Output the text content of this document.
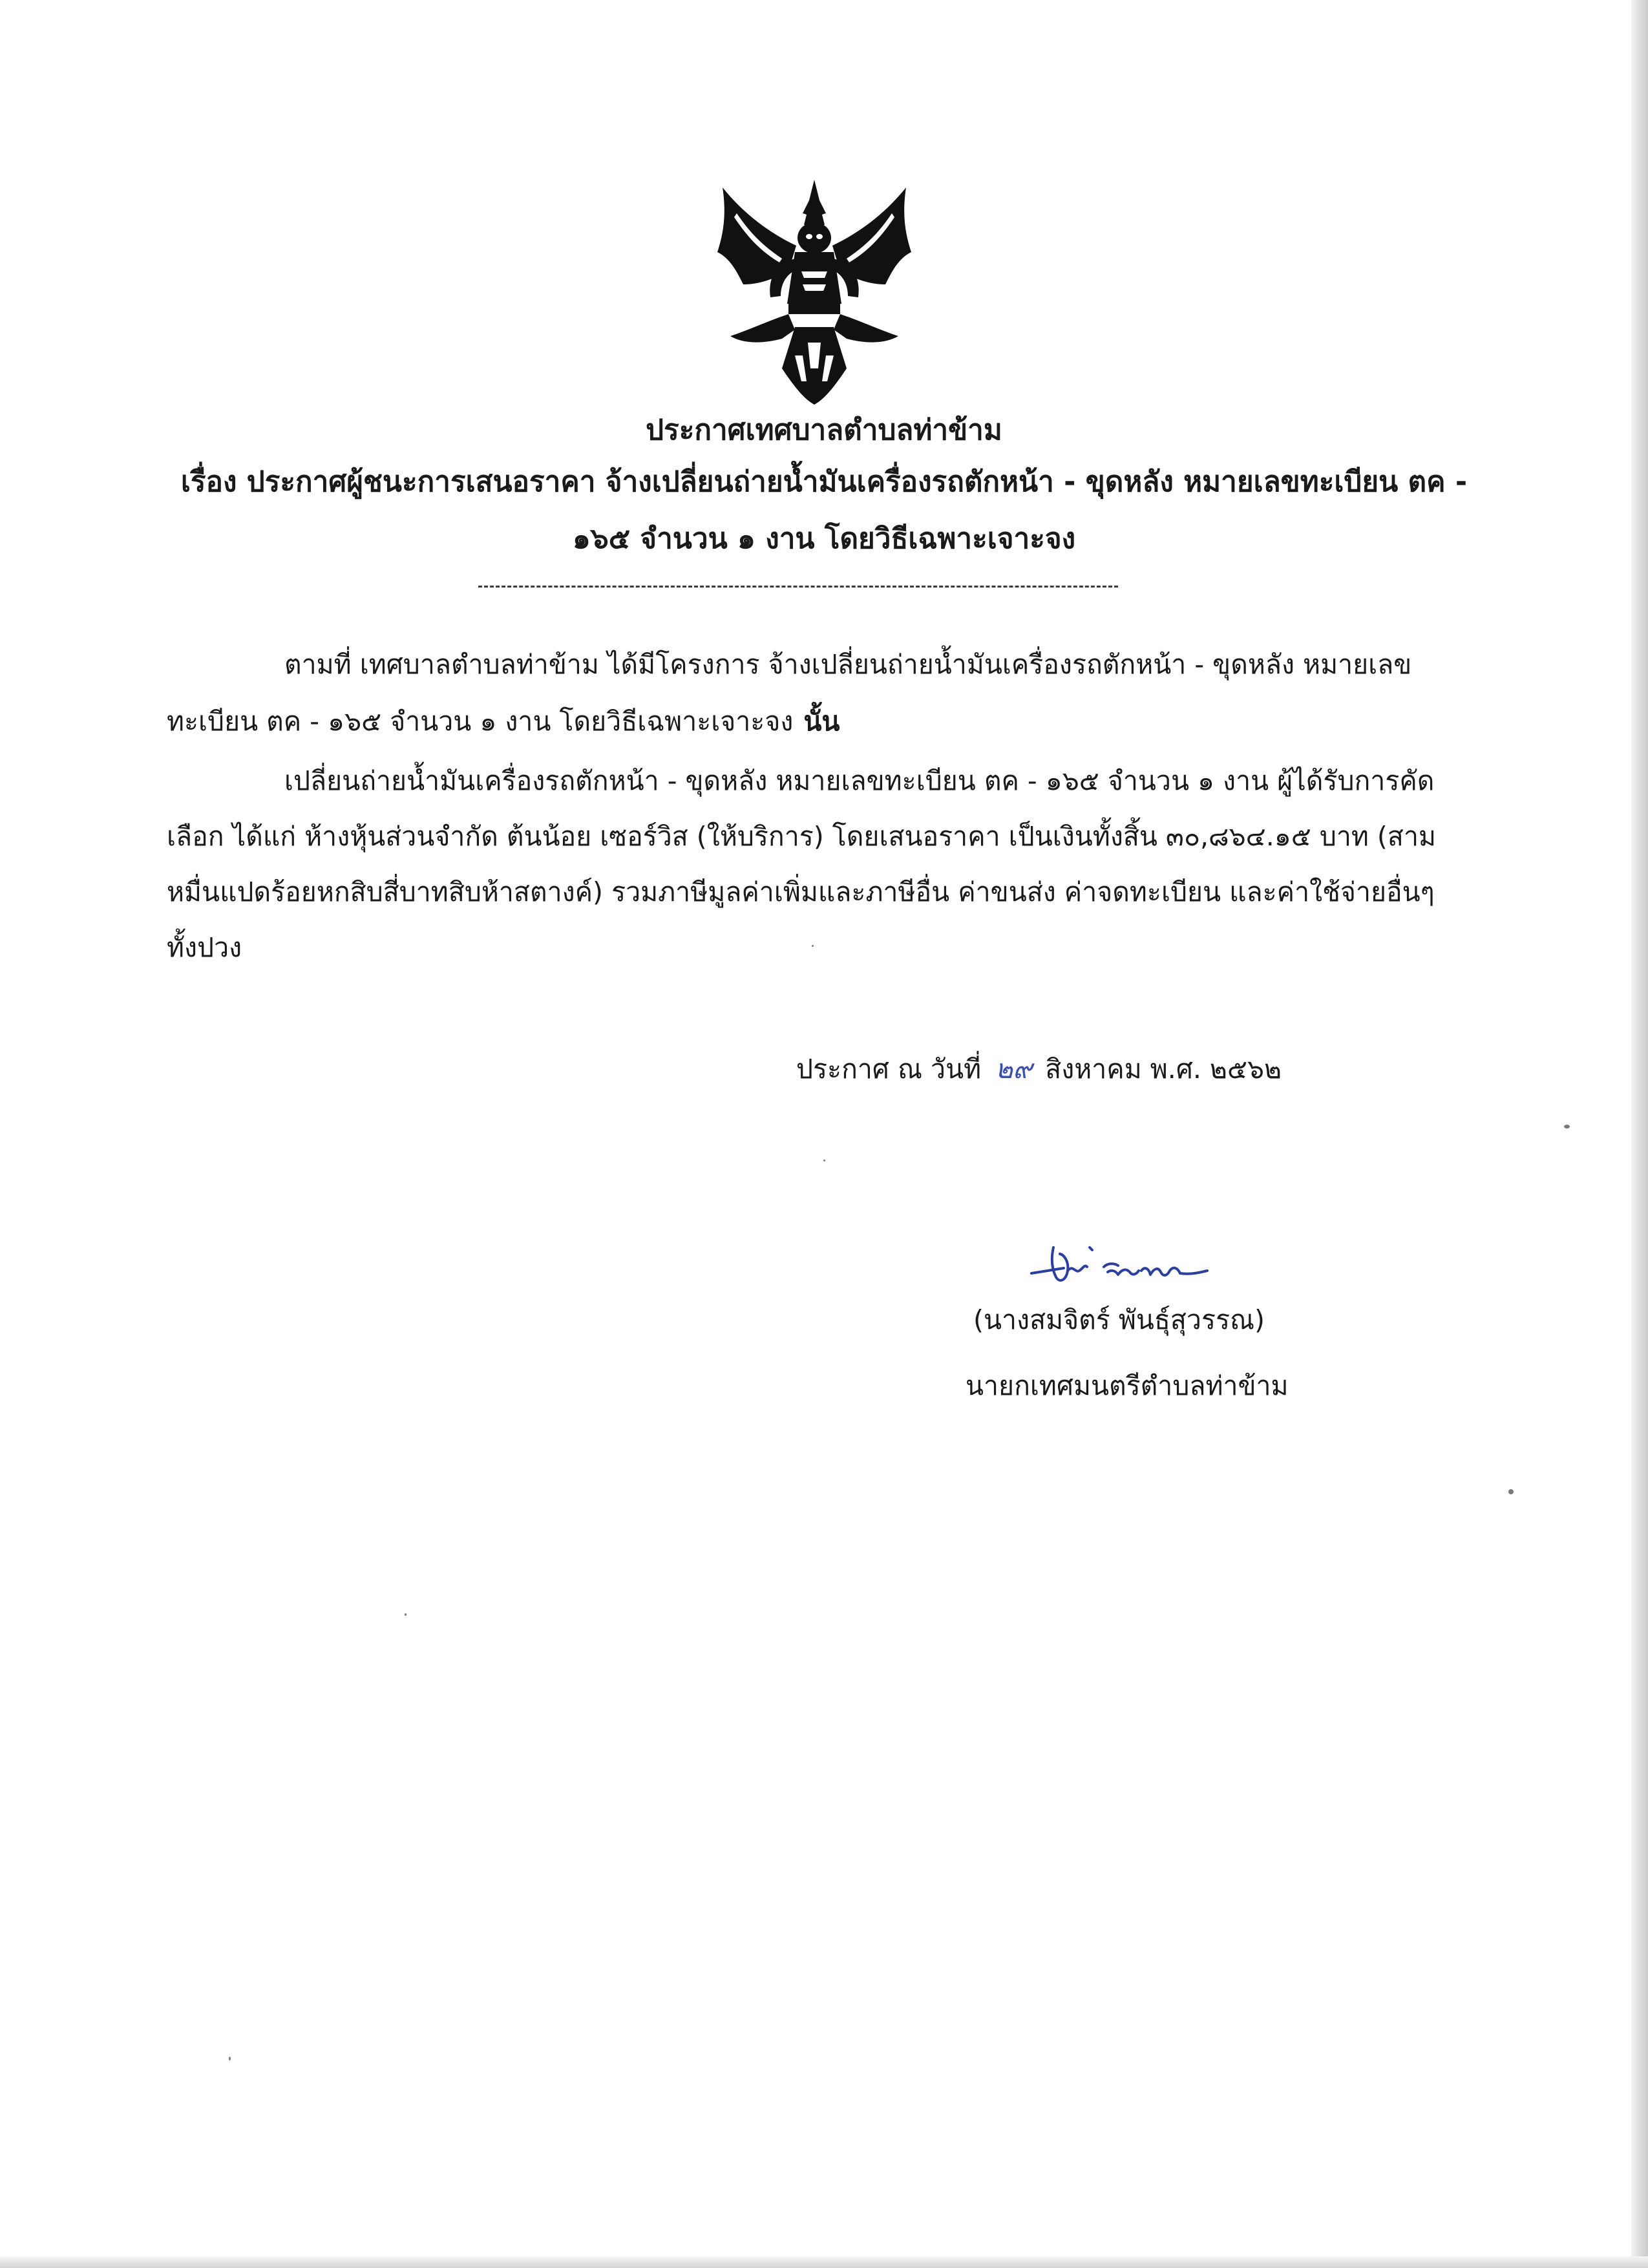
ประกาศเทศบาลตำบลท่าข้าม
เรื่อง ประกาศผู้ชนะการเสนอราคา จ้างเปลี่ยนถ่ายน้ำมันเครื่องรถตักหน้า - ขุดหลัง หมายเลขทะเบียน ตค -
๑๖๕ จำนวน ๑ งาน โดยวิธีเฉพาะเจาะจง
ตามที่ เทศบาลตำบลท่าข้าม ได้มีโครงการ จ้างเปลี่ยนถ่ายน้ำมันเครื่องรถตักหน้า - ขุดหลัง หมายเลข
ทะเบียน ตค - ๑๖๕ จำนวน ๑ งาน โดยวิธีเฉพาะเจาะจง นั้น
เปลี่ยนถ่ายน้ำมันเครื่องรถตักหน้า - ขุดหลัง หมายเลขทะเบียน ตค - ๑๖๕ จำนวน ๑ งาน ผู้ได้รับการคัด
เลือก ได้แก่ ห้างหุ้นส่วนจำกัด ต้นน้อย เซอร์วิส (ให้บริการ) โดยเสนอราคา เป็นเงินทั้งสิ้น ๓๐,๘๖๔.๑๕ บาท (สาม
หมื่นแปดร้อยหกสิบสี่บาทสิบห้าสตางค์) รวมภาษีมูลค่าเพิ่มและภาษีอื่น ค่าขนส่ง ค่าจดทะเบียน และค่าใช้จ่ายอื่นๆ
ทั้งปวง
ประกาศ ณ วันที่ ๒๙ สิงหาคม พ.ศ. ๒๕๖๒
(นางสมจิตร์ พันธุ์สุวรรณ)
นายกเทศมนตรีตำบลท่าข้าม
